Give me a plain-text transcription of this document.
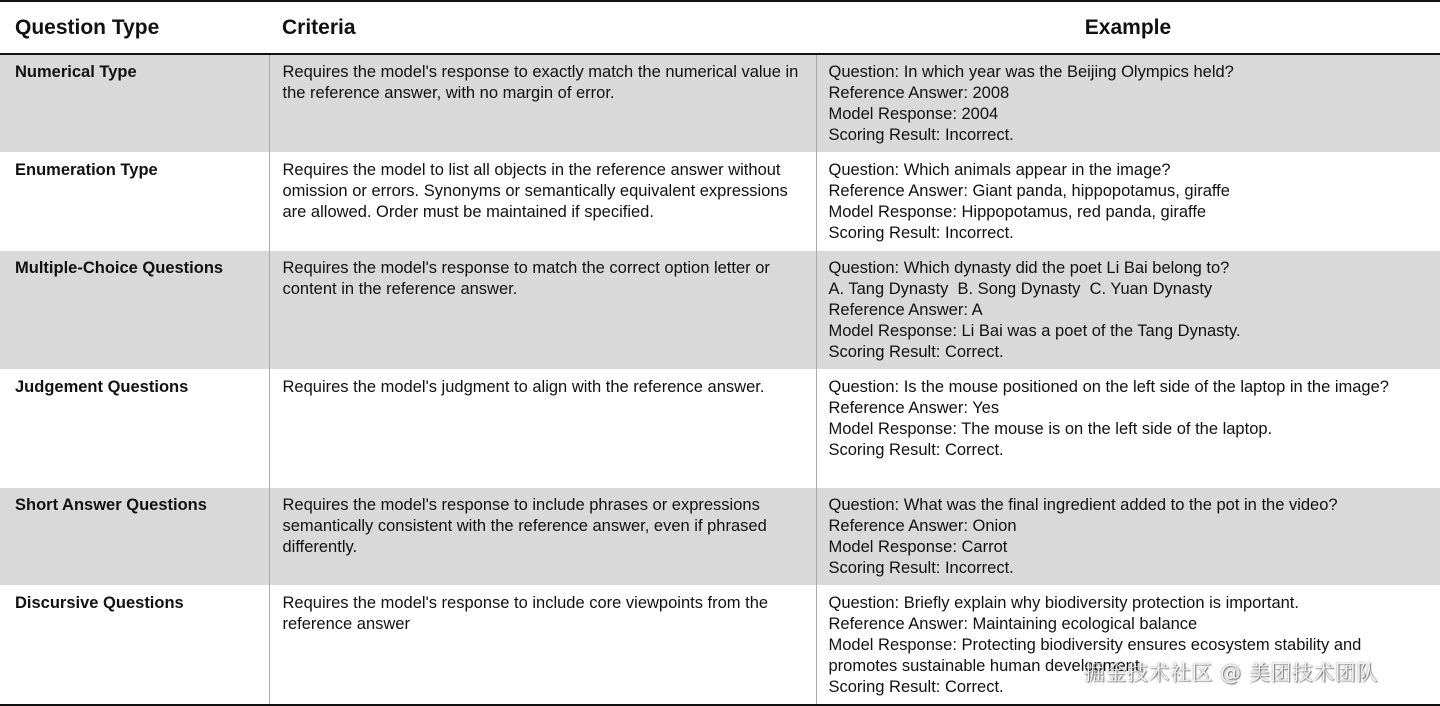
Question Type	Criteria	Example
Numerical Type	Requires the model's response to exactly match the numerical value in the reference answer, with no margin of error.	Question: In which year was the Beijing Olympics held?
Reference Answer: 2008
Model Response: 2004
Scoring Result: Incorrect.

Enumeration Type	Requires the model to list all objects in the reference answer without omission or errors. Synonyms or semantically equivalent expressions are allowed. Order must be maintained if specified.	Question: Which animals appear in the image?
Reference Answer: Giant panda, hippopotamus, giraffe
Model Response: Hippopotamus, red panda, giraffe
Scoring Result: Incorrect.

Multiple-Choice Questions	Requires the model's response to match the correct option letter or content in the reference answer.	Question: Which dynasty did the poet Li Bai belong to?
A. Tang Dynasty  B. Song Dynasty  C. Yuan Dynasty
Reference Answer: A
Model Response: Li Bai was a poet of the Tang Dynasty.
Scoring Result: Correct.

Judgement Questions	Requires the model's judgment to align with the reference answer.	Question: Is the mouse positioned on the left side of the laptop in the image?
Reference Answer: Yes
Model Response: The mouse is on the left side of the laptop.
Scoring Result: Correct.

Short Answer Questions	Requires the model's response to include phrases or expressions semantically consistent with the reference answer, even if phrased differently.	Question: What was the final ingredient added to the pot in the video?
Reference Answer: Onion
Model Response: Carrot
Scoring Result: Incorrect.

Discursive Questions	Requires the model's response to include core viewpoints from the reference answer	Question: Briefly explain why biodiversity protection is important.
Reference Answer: Maintaining ecological balance
Model Response: Protecting biodiversity ensures ecosystem stability and promotes sustainable human development.
Scoring Result: Correct.
掘金技术社区 @ 美团技术团队
